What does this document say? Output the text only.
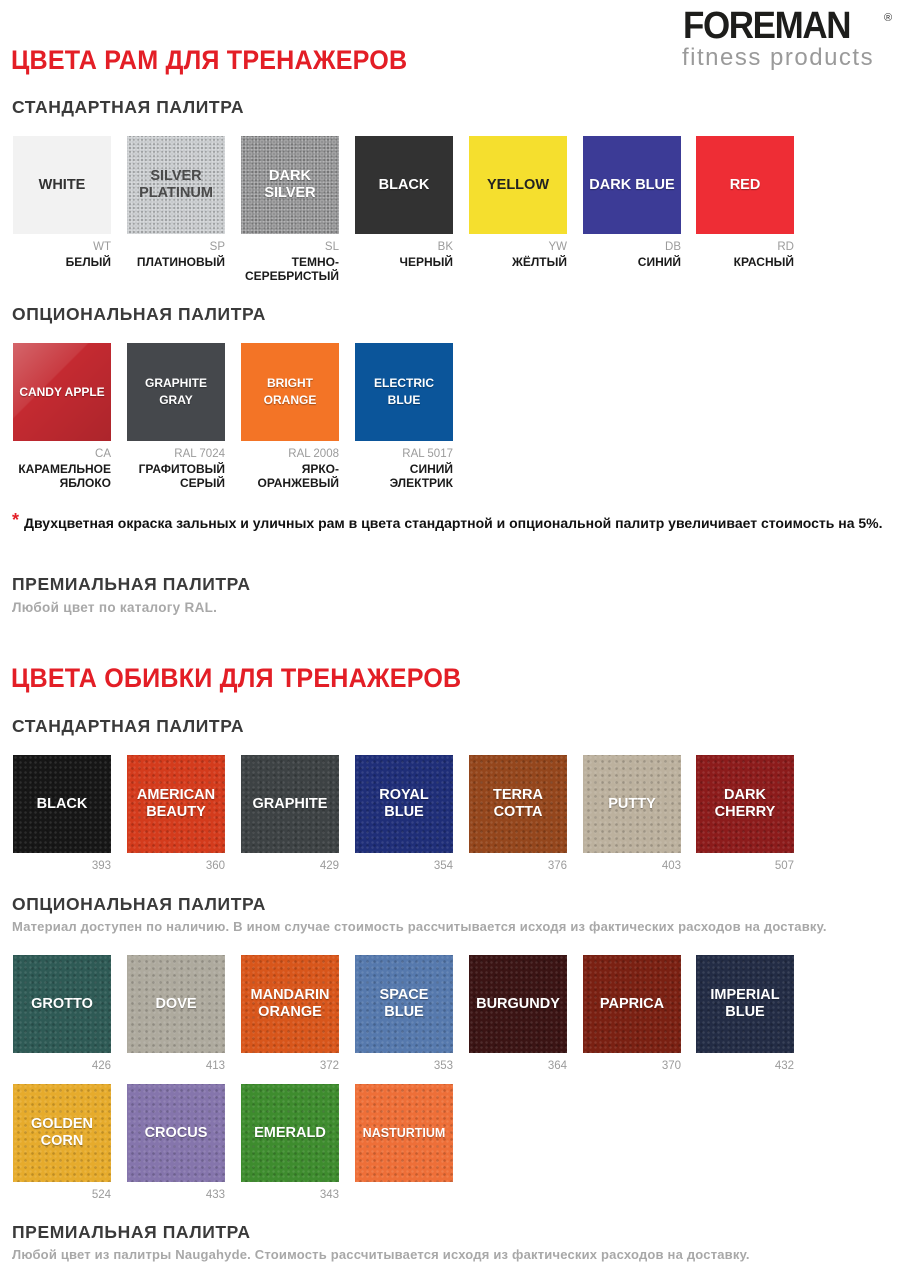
FOREMAN	®
fitness products
ЦВЕТА РАМ ДЛЯ ТРЕНАЖЕРОВ
СТАНДАРТНАЯ ПАЛИТРА
WHITE
WT
БЕЛЫЙ
SILVER PLATINUM
SP
ПЛАТИНОВЫЙ
DARK SILVER
SL
ТЕМНО-СЕРЕБРИСТЫЙ
BLACK
BK
ЧЕРНЫЙ
YELLOW
YW
ЖЁЛТЫЙ
DARK BLUE
DB
СИНИЙ
RED
RD
КРАСНЫЙ
ОПЦИОНАЛЬНАЯ ПАЛИТРА
CANDY APPLE
CA
КАРАМЕЛЬНОЕ ЯБЛОКО
GRAPHITE GRAY
RAL 7024
ГРАФИТОВЫЙ СЕРЫЙ
BRIGHT ORANGE
RAL 2008
ЯРКО-ОРАНЖЕВЫЙ
ELECTRIC BLUE
RAL 5017
СИНИЙ ЭЛЕКТРИК
* Двухцветная окраска зальных и уличных рам в цвета стандартной и опциональной палитр увеличивает стоимость на 5%.
ПРЕМИАЛЬНАЯ ПАЛИТРА
Любой цвет по каталогу RAL.
ЦВЕТА ОБИВКИ ДЛЯ ТРЕНАЖЕРОВ
СТАНДАРТНАЯ ПАЛИТРА
BLACK
393
AMERICAN BEAUTY
360
GRAPHITE
429
ROYAL BLUE
354
TERRA COTTA
376
PUTTY
403
DARK CHERRY
507
ОПЦИОНАЛЬНАЯ ПАЛИТРА
Материал доступен по наличию. В ином случае стоимость рассчитывается исходя из фактических расходов на доставку.
GROTTO
426
DOVE
413
MANDARIN ORANGE
372
SPACE BLUE
353
BURGUNDY
364
PAPRICA
370
IMPERIAL BLUE
432
GOLDEN CORN
524
CROCUS
433
EMERALD
343
NASTURTIUM
ПРЕМИАЛЬНАЯ ПАЛИТРА
Любой цвет из палитры Naugahyde. Стоимость рассчитывается исходя из фактических расходов на доставку.
